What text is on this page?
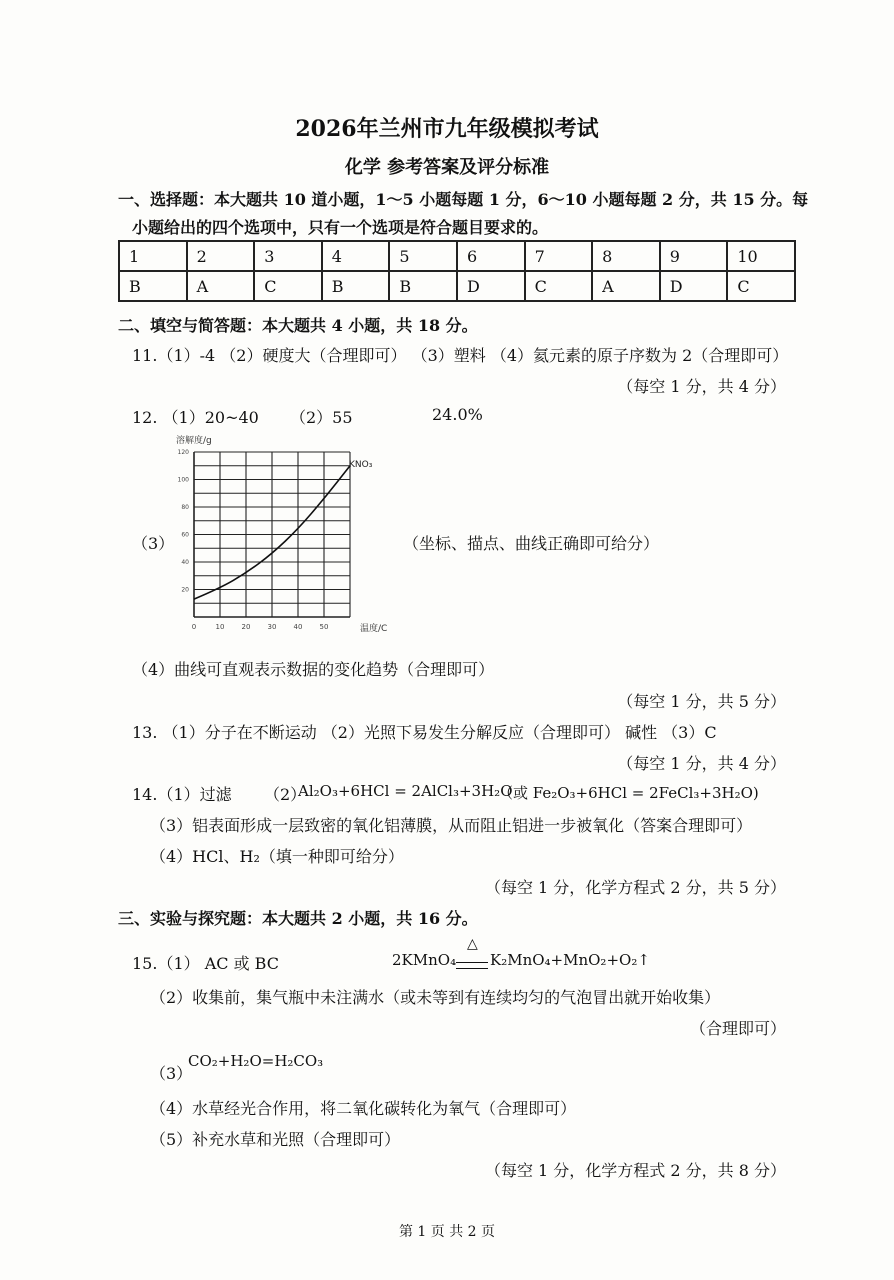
2026年兰州市九年级模拟考试
化学 参考答案及评分标准
一、选择题：本大题共 10 道小题，1～5 小题每题 1 分，6～10 小题每题 2 分，共 15 分。每
小题给出的四个选项中，只有一个选项是符合题目要求的。
1	2	3	4	5	6	7	8	9	10
B	A	C	B	B	D	C	A	D	C
二、填空与简答题：本大题共 4 小题，共 18 分。
11.（1）-4 （2）硬度大（合理即可） （3）塑料 （4）氦元素的原子序数为 2（合理即可）
（每空 1 分，共 4 分）
12. （1）20~40 （2）55	24.0%
（3）
0	10 20 30 40 50
20
40
60
80
100
120
溶解度/g
温度/C
KNO₃
（坐标、描点、曲线正确即可给分）
（4）曲线可直观表示数据的变化趋势（合理即可）
（每空 1 分，共 5 分）
13. （1）分子在不断运动 （2）光照下易发生分解反应（合理即可） 碱性 （3）C
（每空 1 分，共 4 分）
14.（1）过滤 （2）
Al₂O₃+6HCl = 2AlCl₃+3H₂O
（或 Fe₂O₃+6HCl = 2FeCl₃+3H₂O)
（3）铝表面形成一层致密的氧化铝薄膜，从而阻止铝进一步被氧化（答案合理即可）
（4）HCl、H₂（填一种即可给分）
（每空 1 分，化学方程式 2 分，共 5 分）
三、实验与探究题：本大题共 2 小题，共 16 分。
15.（1） AC 或 BC	2KMnO₄
△
K₂MnO₄+MnO₂+O₂↑
（2）收集前，集气瓶中未注满水（或未等到有连续均匀的气泡冒出就开始收集）
（合理即可）
（3）
CO₂+H₂O=H₂CO₃
（4）水草经光合作用，将二氧化碳转化为氧气（合理即可）
（5）补充水草和光照（合理即可）
（每空 1 分，化学方程式 2 分，共 8 分）
第 1 页 共 2 页
